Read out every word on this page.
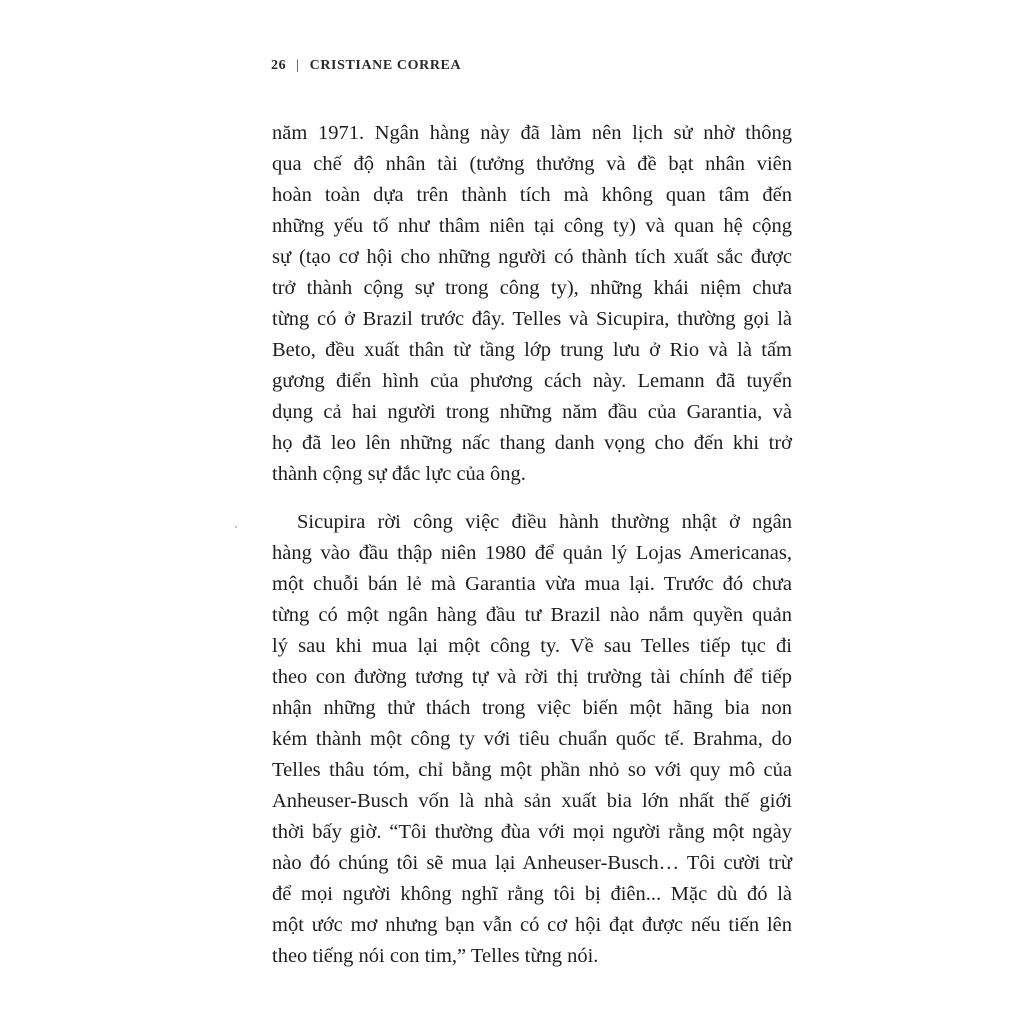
26 | CRISTIANE CORREA

năm 1971. Ngân hàng này đã làm nên lịch sử nhờ thông
qua chế độ nhân tài (tưởng thưởng và đề bạt nhân viên
hoàn toàn dựa trên thành tích mà không quan tâm đến
những yếu tố như thâm niên tại công ty) và quan hệ cộng
sự (tạo cơ hội cho những người có thành tích xuất sắc được
trở thành cộng sự trong công ty), những khái niệm chưa
từng có ở Brazil trước đây. Telles và Sicupira, thường gọi là
Beto, đều xuất thân từ tầng lớp trung lưu ở Rio và là tấm
gương điển hình của phương cách này. Lemann đã tuyển
dụng cả hai người trong những năm đầu của Garantia, và
họ đã leo lên những nấc thang danh vọng cho đến khi trở
thành cộng sự đắc lực của ông.

Sicupira rời công việc điều hành thường nhật ở ngân
hàng vào đầu thập niên 1980 để quản lý Lojas Americanas,
một chuỗi bán lẻ mà Garantia vừa mua lại. Trước đó chưa
từng có một ngân hàng đầu tư Brazil nào nắm quyền quản
lý sau khi mua lại một công ty. Về sau Telles tiếp tục đi
theo con đường tương tự và rời thị trường tài chính để tiếp
nhận những thử thách trong việc biến một hãng bia non
kém thành một công ty với tiêu chuẩn quốc tế. Brahma, do
Telles thâu tóm, chỉ bằng một phần nhỏ so với quy mô của
Anheuser-Busch vốn là nhà sản xuất bia lớn nhất thế giới
thời bấy giờ. “Tôi thường đùa với mọi người rằng một ngày
nào đó chúng tôi sẽ mua lại Anheuser-Busch… Tôi cười trừ
để mọi người không nghĩ rằng tôi bị điên... Mặc dù đó là
một ước mơ nhưng bạn vẫn có cơ hội đạt được nếu tiến lên
theo tiếng nói con tim,” Telles từng nói.
